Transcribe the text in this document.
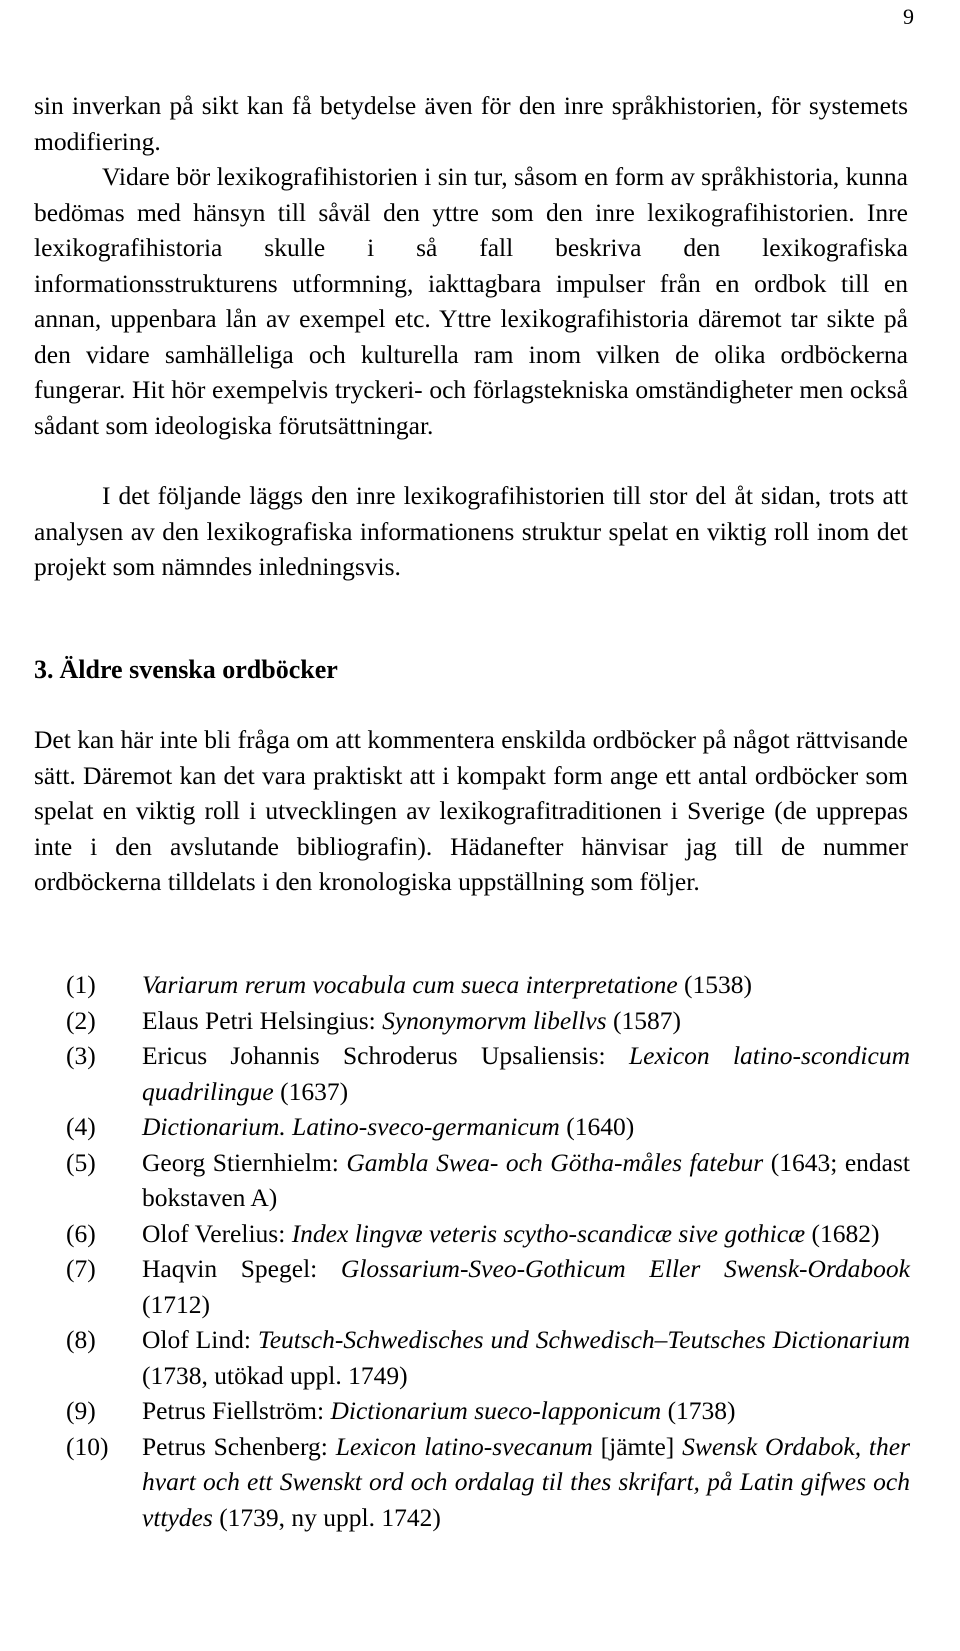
9

sin inverkan på sikt kan få betydelse även för den inre språkhistorien, för systemets modifiering.

Vidare bör lexikografihistorien i sin tur, såsom en form av språkhistoria, kunna bedömas med hänsyn till såväl den yttre som den inre lexikografihistorien. Inre lexikografihistoria skulle i så fall beskriva den lexikografiska informationsstrukturens utformning, iakttagbara impulser från en ordbok till en annan, uppenbara lån av exempel etc. Yttre lexikografihistoria däremot tar sikte på den vidare samhälleliga och kulturella ram inom vilken de olika ordböckerna fungerar. Hit hör exempelvis tryckeri- och förlagstekniska omständigheter men också sådant som ideologiska förutsättningar.

I det följande läggs den inre lexikografihistorien till stor del åt sidan, trots att analysen av den lexikografiska informationens struktur spelat en viktig roll inom det projekt som nämndes inledningsvis.

3. Äldre svenska ordböcker

Det kan här inte bli fråga om att kommentera enskilda ordböcker på något rättvisande sätt. Däremot kan det vara praktiskt att i kompakt form ange ett antal ordböcker som spelat en viktig roll i utvecklingen av lexikografitraditionen i Sverige (de upprepas inte i den avslutande bibliografin). Hädanefter hänvisar jag till de nummer ordböckerna tilldelats i den kronologiska uppställning som följer.

(1)	Variarum rerum vocabula cum sueca interpretatione (1538)
(2)	Elaus Petri Helsingius: Synonymorvm libellvs (1587)
(3)	Ericus Johannis Schroderus Upsaliensis: Lexicon latino-scondicum quadrilingue (1637)
(4)	Dictionarium. Latino-sveco-germanicum (1640)
(5)	Georg Stiernhielm: Gambla Swea- och Götha-måles fatebur (1643; endast bokstaven A)
(6)	Olof Verelius: Index lingvæ veteris scytho-scandicæ sive gothicæ (1682)
(7)	Haqvin Spegel: Glossarium-Sveo-Gothicum Eller Swensk-Ordabook (1712)
(8)	Olof Lind: Teutsch-Schwedisches und Schwedisch–Teutsches Dictionarium (1738, utökad uppl. 1749)
(9)	Petrus Fiellström: Dictionarium sueco-lapponicum (1738)
(10)	Petrus Schenberg: Lexicon latino-svecanum [jämte] Swensk Ordabok, ther hvart och ett Swenskt ord och ordalag til thes skrifart, på Latin gifwes och vttydes (1739, ny uppl. 1742)
